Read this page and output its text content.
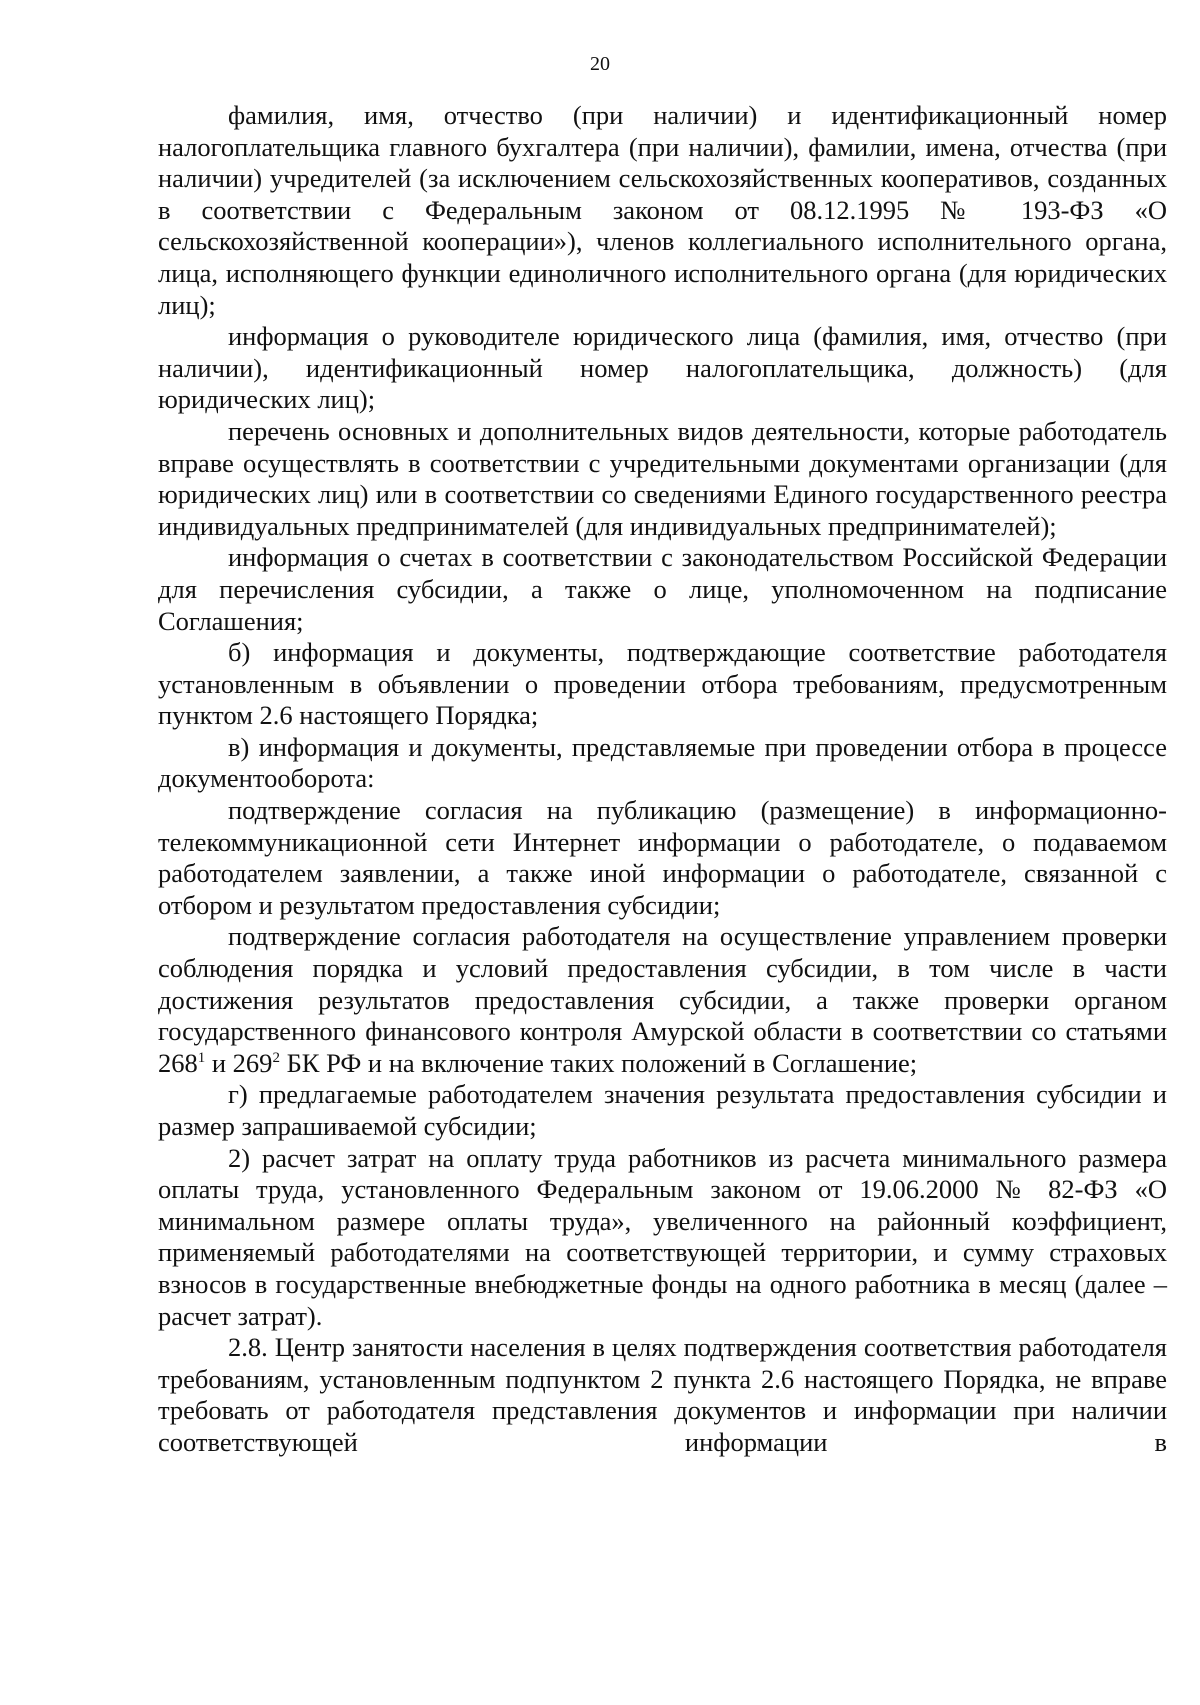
20

фамилия, имя, отчество (при наличии) и идентификационный номер налогоплательщика главного бухгалтера (при наличии), фамилии, имена, отчества (при наличии) учредителей (за исключением сельскохозяйственных кооперативов, созданных в соответствии с Федеральным законом от 08.12.1995 № 193-ФЗ «О сельскохозяйственной кооперации»), членов коллегиального исполнительного органа, лица, исполняющего функции единоличного исполнительного органа (для юридических лиц);

информация о руководителе юридического лица (фамилия, имя, отчество (при наличии), идентификационный номер налогоплательщика, должность) (для юридических лиц);

перечень основных и дополнительных видов деятельности, которые работодатель вправе осуществлять в соответствии с учредительными документами организации (для юридических лиц) или в соответствии со сведениями Единого государственного реестра индивидуальных предпринимателей (для индивидуальных предпринимателей);

информация о счетах в соответствии с законодательством Российской Федерации для перечисления субсидии, а также о лице, уполномоченном на подписание Соглашения;

б) информация и документы, подтверждающие соответствие работодателя установленным в объявлении о проведении отбора требованиям, предусмотренным пунктом 2.6 настоящего Порядка;

в) информация и документы, представляемые при проведении отбора в процессе документооборота:

подтверждение согласия на публикацию (размещение) в информационно-телекоммуникационной сети Интернет информации о работодателе, о подаваемом работодателем заявлении, а также иной информации о работодателе, связанной с отбором и результатом предоставления субсидии;

подтверждение согласия работодателя на осуществление управлением проверки соблюдения порядка и условий предоставления субсидии, в том числе в части достижения результатов предоставления субсидии, а также проверки органом государственного финансового контроля Амурской области в соответствии со статьями $268^1$ и $269^2$ БК РФ и на включение таких положений в Соглашение;

г) предлагаемые работодателем значения результата предоставления субсидии и размер запрашиваемой субсидии;

2) расчет затрат на оплату труда работников из расчета минимального размера оплаты труда, установленного Федеральным законом от 19.06.2000 № 82-ФЗ «О минимальном размере оплаты труда», увеличенного на районный коэффициент, применяемый работодателями на соответствующей территории, и сумму страховых взносов в государственные внебюджетные фонды на одного работника в месяц (далее – расчет затрат).

2.8. Центр занятости населения в целях подтверждения соответствия работодателя требованиям, установленным подпунктом 2 пункта 2.6 настоящего Порядка, не вправе требовать от работодателя представления документов и информации при наличии соответствующей информации в
